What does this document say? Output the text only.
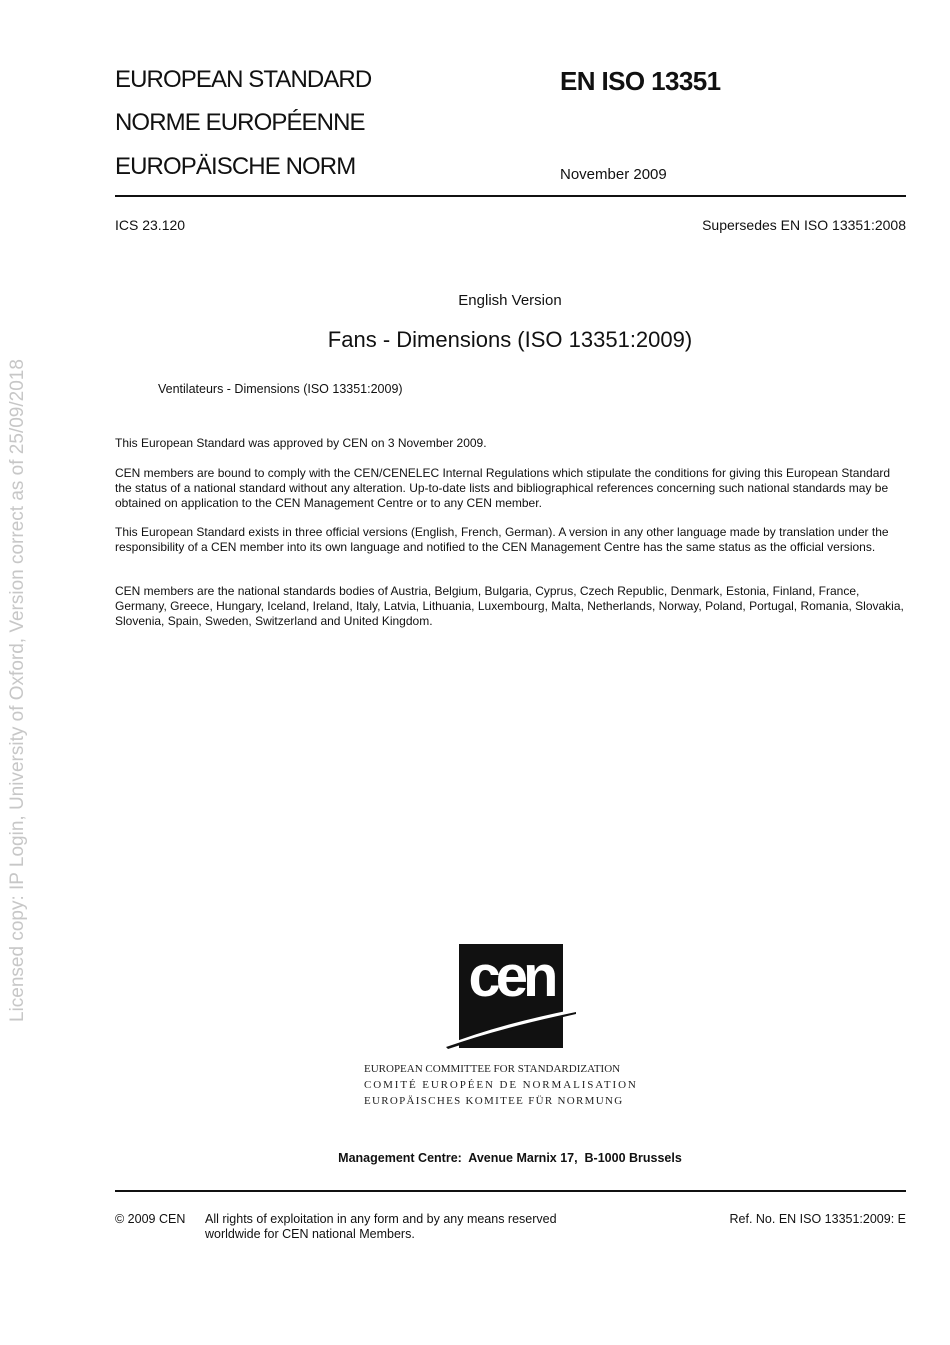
Licensed copy: IP Login, University of Oxford, Version correct as of 25/09/2018
EUROPEAN STANDARD
NORME EUROPÉENNE
EUROPÄISCHE NORM
EN ISO 13351
November 2009
ICS 23.120	Supersedes EN ISO 13351:2008
English Version
Fans - Dimensions (ISO 13351:2009)
Ventilateurs - Dimensions (ISO 13351:2009)
This European Standard was approved by CEN on 3 November 2009.
CEN members are bound to comply with the CEN/CENELEC Internal Regulations which stipulate the conditions for giving this European Standard the status of a national standard without any alteration. Up-to-date lists and bibliographical references concerning such national standards may be obtained on application to the CEN Management Centre or to any CEN member.
This European Standard exists in three official versions (English, French, German). A version in any other language made by translation under the responsibility of a CEN member into its own language and notified to the CEN Management Centre has the same status as the official versions.
CEN members are the national standards bodies of Austria, Belgium, Bulgaria, Cyprus, Czech Republic, Denmark, Estonia, Finland, France, Germany, Greece, Hungary, Iceland, Ireland, Italy, Latvia, Lithuania, Luxembourg, Malta, Netherlands, Norway, Poland, Portugal, Romania, Slovakia, Slovenia, Spain, Sweden, Switzerland and United Kingdom.
cen
EUROPEAN COMMITTEE FOR STANDARDIZATION
COMITÉ EUROPÉEN DE NORMALISATION
EUROPÄISCHES KOMITEE FÜR NORMUNG
Management Centre:  Avenue Marnix 17,  B-1000 Brussels
© 2009 CEN All rights of exploitation in any form and by any means reserved
worldwide for CEN national Members.
Ref. No. EN ISO 13351:2009: E
